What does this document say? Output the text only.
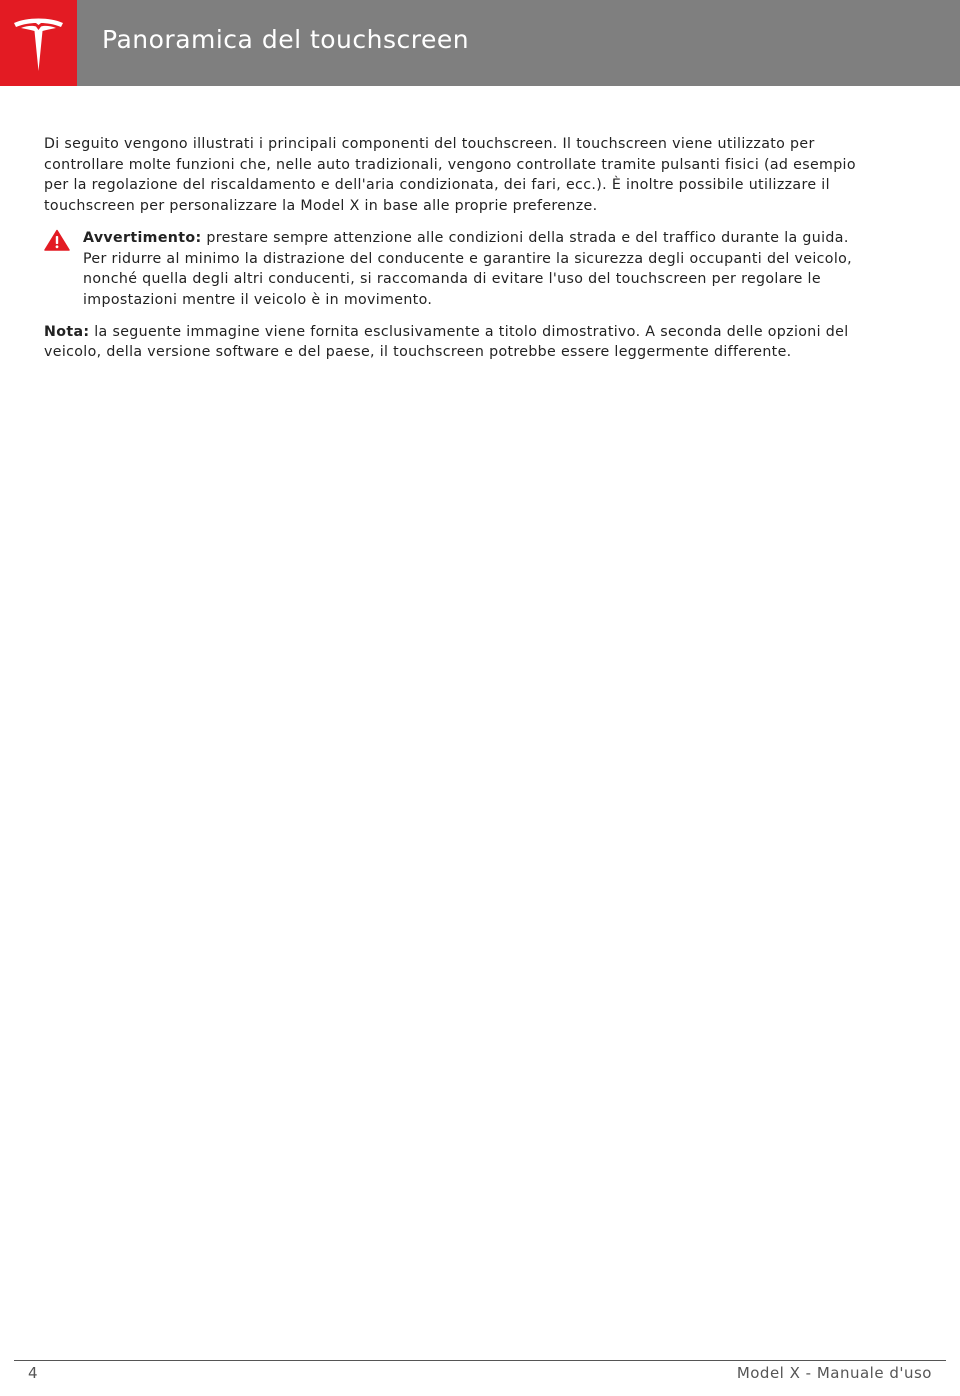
Panoramica del touchscreen

Di seguito vengono illustrati i principali componenti del touchscreen. Il touchscreen viene utilizzato per controllare molte funzioni che, nelle auto tradizionali, vengono controllate tramite pulsanti fisici (ad esempio per la regolazione del riscaldamento e dell'aria condizionata, dei fari, ecc.). È inoltre possibile utilizzare il touchscreen per personalizzare la Model X in base alle proprie preferenze.

Avvertimento: prestare sempre attenzione alle condizioni della strada e del traffico durante la guida. Per ridurre al minimo la distrazione del conducente e garantire la sicurezza degli occupanti del veicolo, nonché quella degli altri conducenti, si raccomanda di evitare l'uso del touchscreen per regolare le impostazioni mentre il veicolo è in movimento.

Nota: la seguente immagine viene fornita esclusivamente a titolo dimostrativo. A seconda delle opzioni del veicolo, della versione software e del paese, il touchscreen potrebbe essere leggermente differente.

4	Model X - Manuale d'uso
